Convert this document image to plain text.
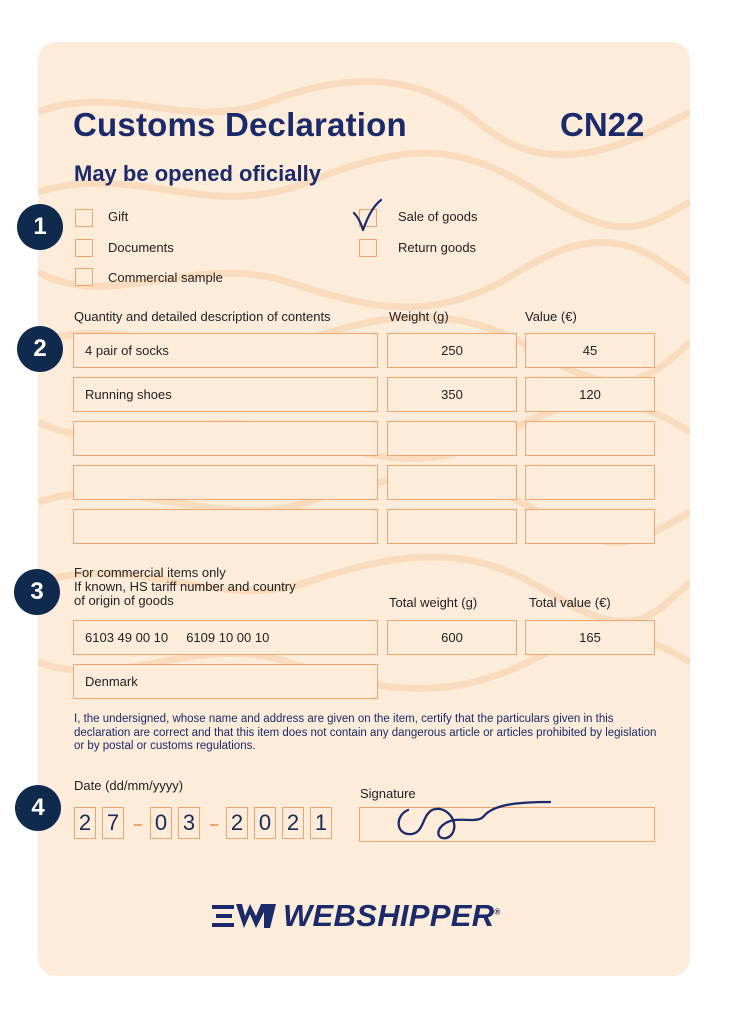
Customs Declaration	CN22
May be opened oficially
1
2
3
4
Gift
Documents
Commercial sample
Sale of goods
Return goods
Quantity and detailed description of contents	Weight (g)	Value (€)
4 pair of socks	250	45
Running shoes	350	120
For commercial items only
If known, HS tariff number and country
of origin of goods	Total weight (g)	Total value (€)
6103 49 00 10     6109 10 00 10	600	165
Denmark
I, the undersigned, whose name and address are given on the item, certify that the particulars given in this declaration are correct and that this item does not contain any dangerous article or articles prohibited by legislation or by postal or customs regulations.
Date (dd/mm/yyyy)
Signature
2 7 0 3 2 0 2 1
WEBSHIPPER®
